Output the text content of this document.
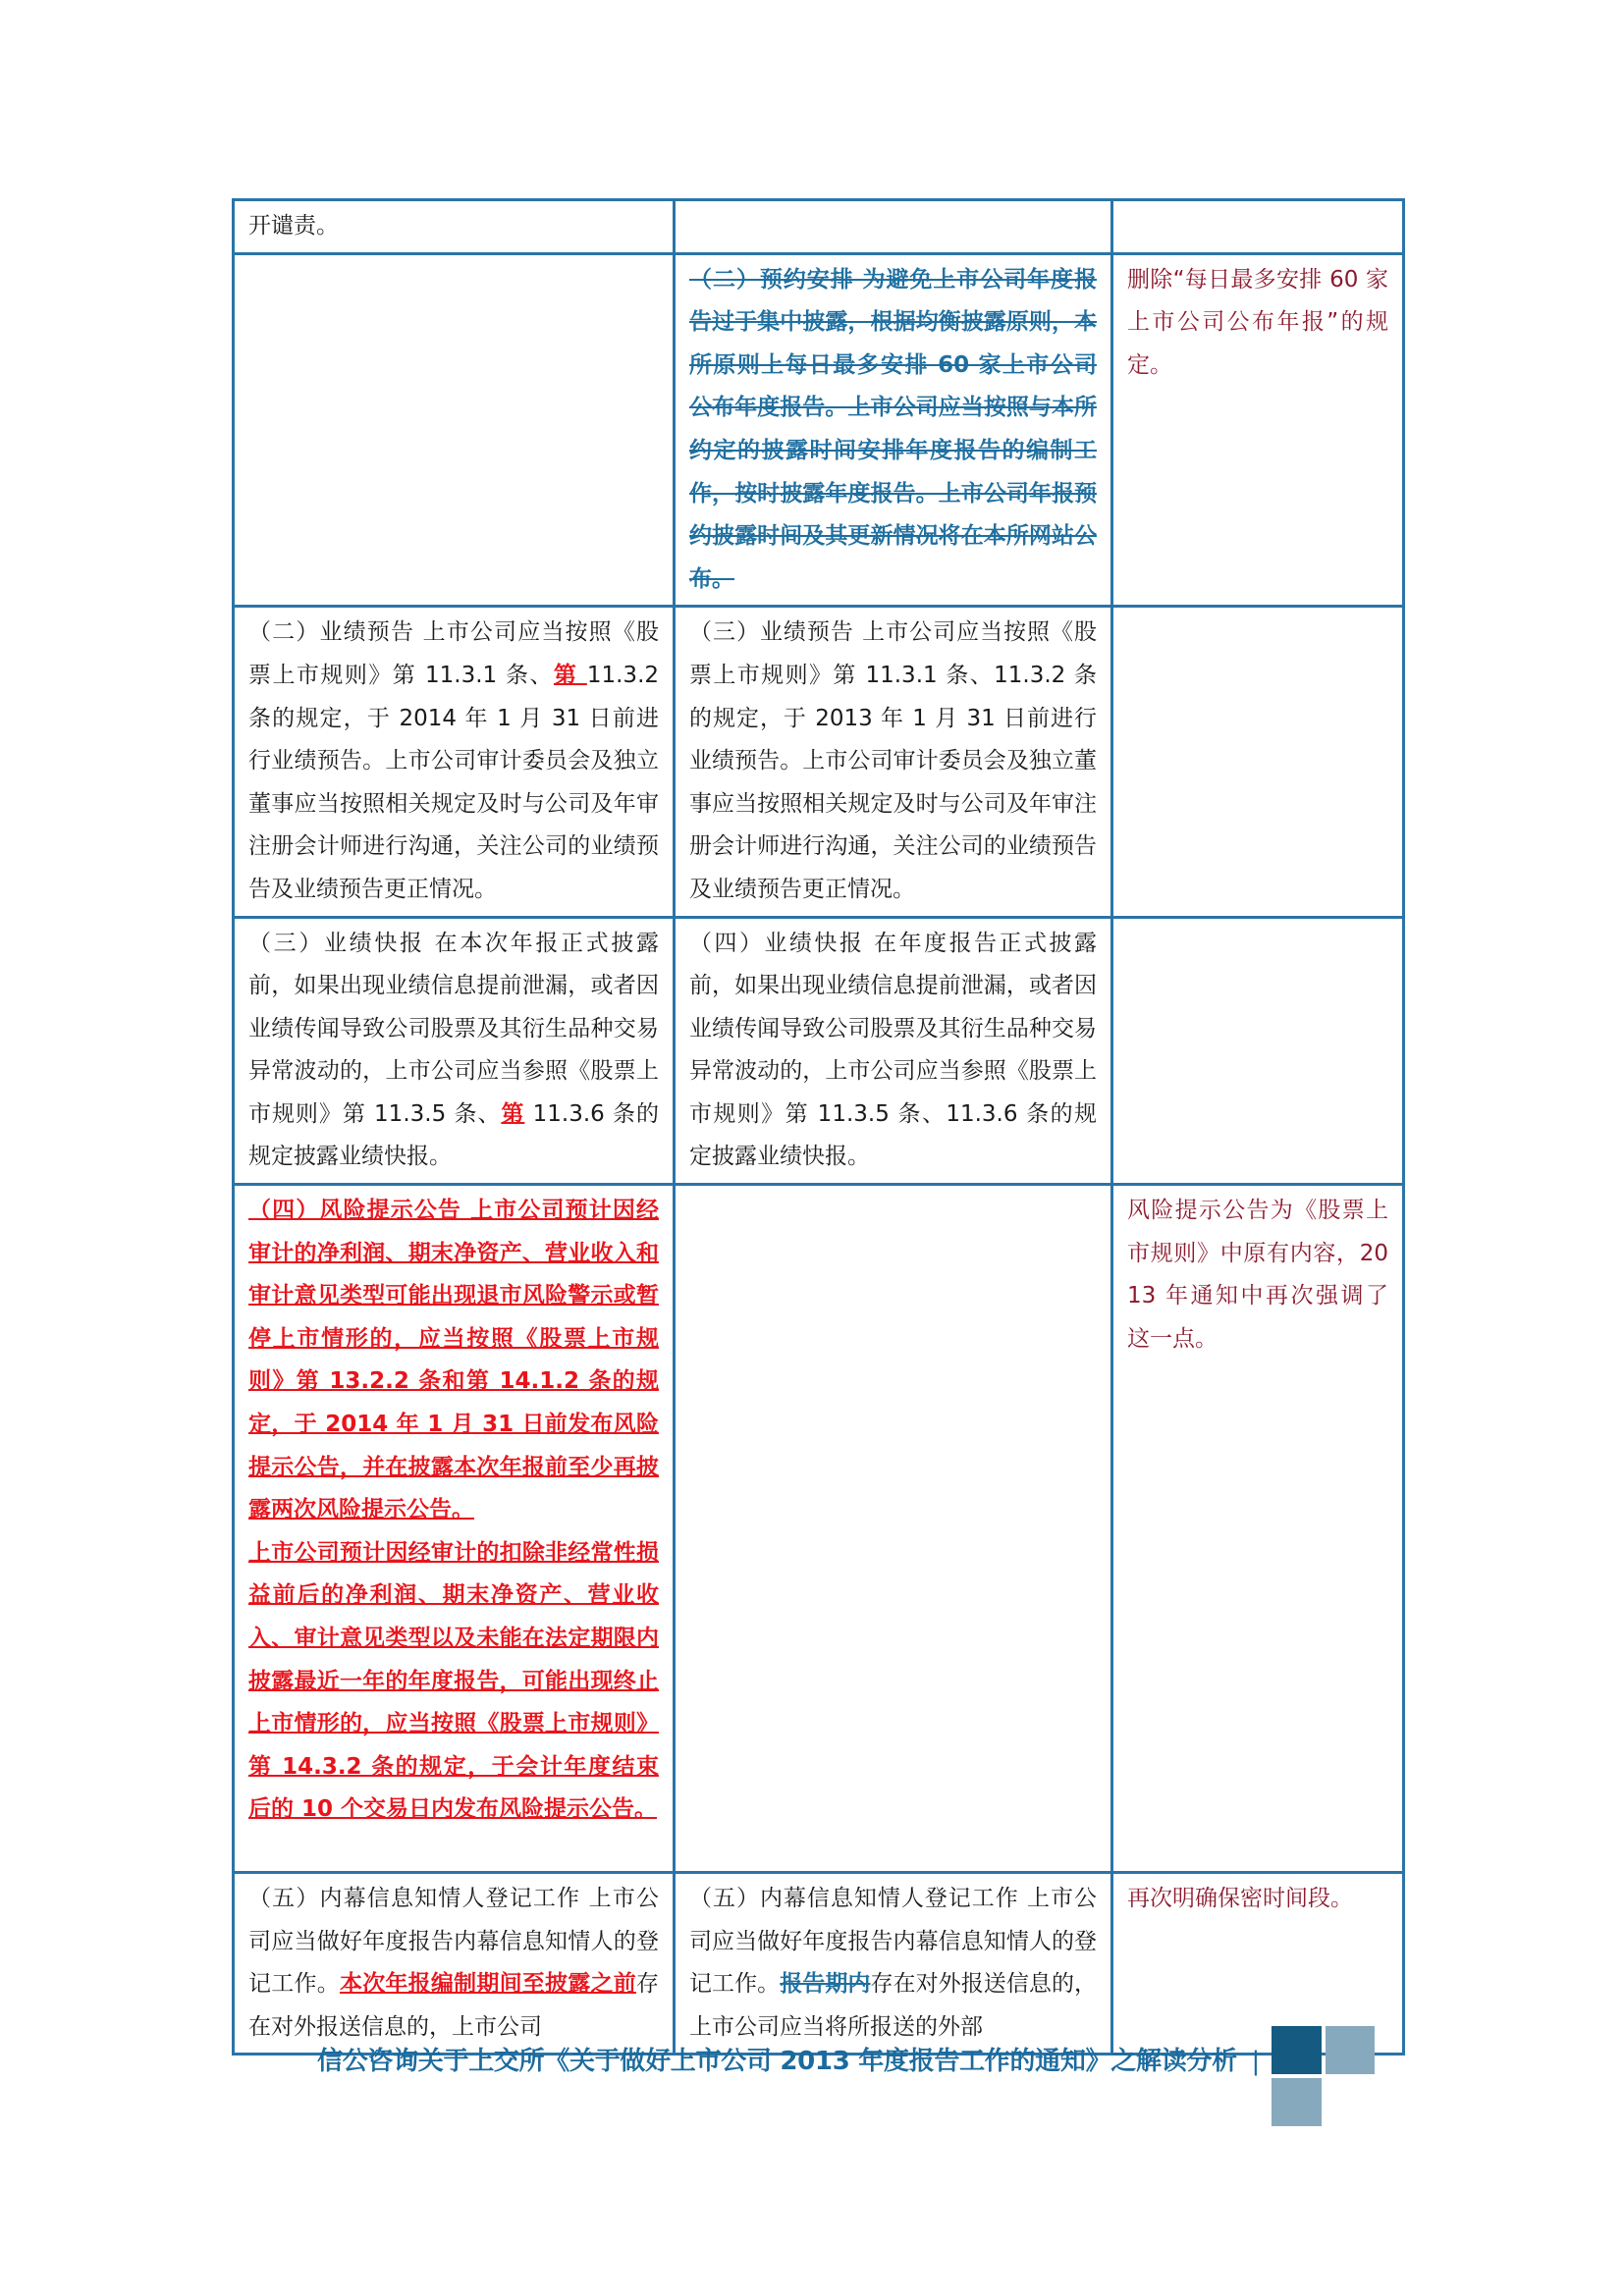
开谴责。		
	（二）预约安排 为避免上市公司年度报告过于集中披露，根据均衡披露原则，本所原则上每日最多安排 60 家上市公司公布年度报告。上市公司应当按照与本所约定的披露时间安排年度报告的编制工作，按时披露年度报告。上市公司年报预约披露时间及其更新情况将在本所网站公布。	删除“每日最多安排 60 家上市公司公布年报”的规定。
（二）业绩预告 上市公司应当按照《股票上市规则》第 11.3.1 条、第 11.3.2 条的规定，于 2014 年 1 月 31 日前进行业绩预告。上市公司审计委员会及独立董事应当按照相关规定及时与公司及年审注册会计师进行沟通，关注公司的业绩预告及业绩预告更正情况。	（三）业绩预告 上市公司应当按照《股票上市规则》第 11.3.1 条、11.3.2 条的规定，于 2013 年 1 月 31 日前进行业绩预告。上市公司审计委员会及独立董事应当按照相关规定及时与公司及年审注册会计师进行沟通，关注公司的业绩预告及业绩预告更正情况。	
（三）业绩快报 在本次年报正式披露前，如果出现业绩信息提前泄漏，或者因业绩传闻导致公司股票及其衍生品种交易异常波动的，上市公司应当参照《股票上市规则》第 11.3.5 条、第 11.3.6 条的规定披露业绩快报。	（四）业绩快报 在年度报告正式披露前，如果出现业绩信息提前泄漏，或者因业绩传闻导致公司股票及其衍生品种交易异常波动的，上市公司应当参照《股票上市规则》第 11.3.5 条、11.3.6 条的规定披露业绩快报。	
（四）风险提示公告 上市公司预计因经审计的净利润、期末净资产、营业收入和审计意见类型可能出现退市风险警示或暂停上市情形的，应当按照《股票上市规则》第 13.2.2 条和第 14.1.2 条的规定，于 2014 年 1 月 31 日前发布风险提示公告，并在披露本次年报前至少再披露两次风险提示公告。
上市公司预计因经审计的扣除非经常性损益前后的净利润、期末净资产、营业收入、审计意见类型以及未能在法定期限内披露最近一年的年度报告，可能出现终止上市情形的，应当按照《股票上市规则》第 14.3.2 条的规定，于会计年度结束后的 10 个交易日内发布风险提示公告。		风险提示公告为《股票上市规则》中原有内容，2013 年通知中再次强调了这一点。
（五）内幕信息知情人登记工作 上市公司应当做好年度报告内幕信息知情人的登记工作。本次年报编制期间至披露之前存在对外报送信息的，上市公司	（五）内幕信息知情人登记工作 上市公司应当做好年度报告内幕信息知情人的登记工作。报告期内存在对外报送信息的，上市公司应当将所报送的外部	再次明确保密时间段。
信公咨询关于上交所《关于做好上市公司 2013 年度报告工作的通知》之解读分析 |
